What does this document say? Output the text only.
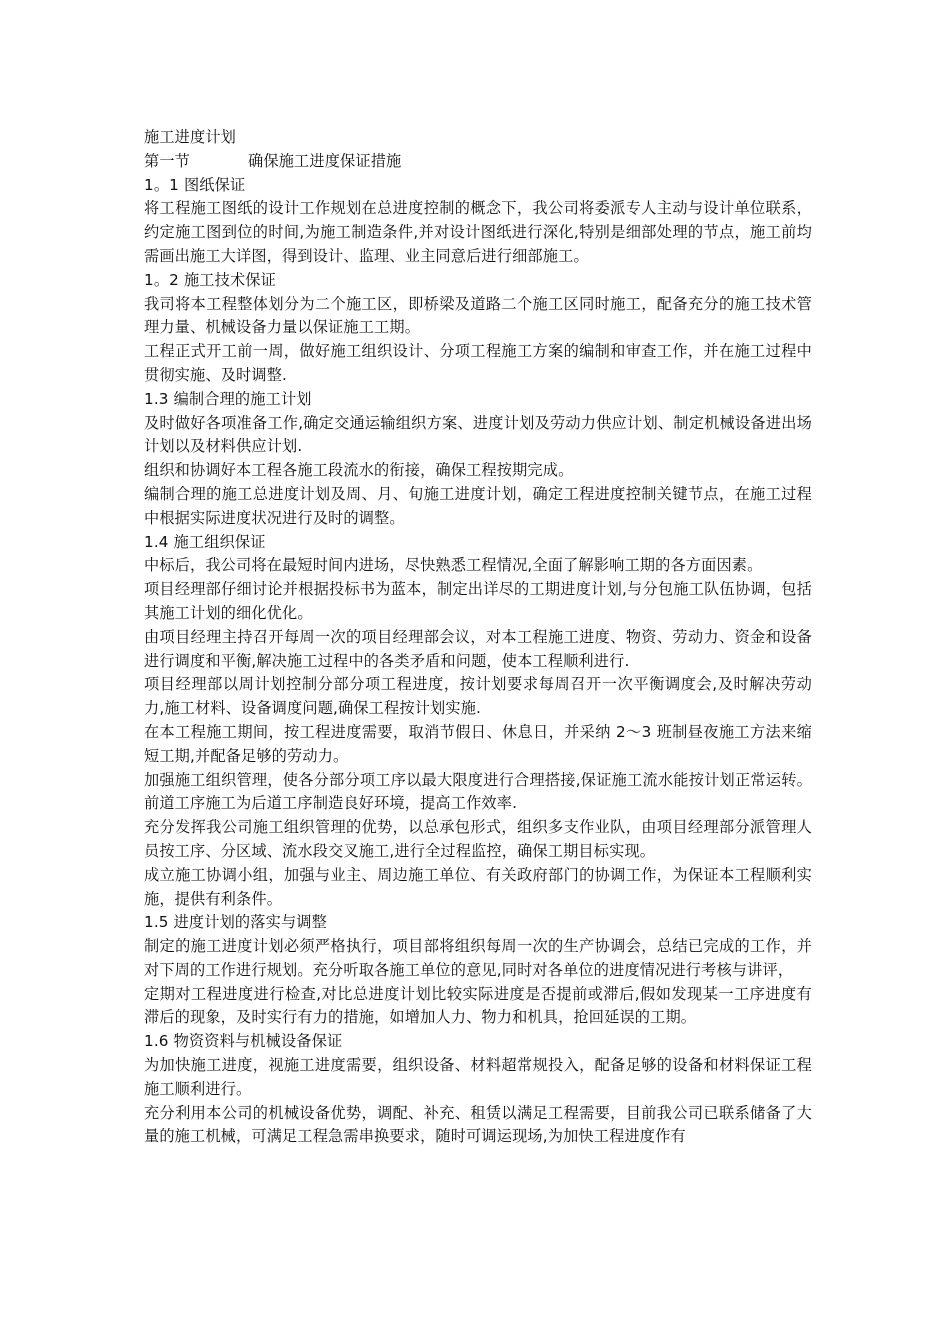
施工进度计划
第一节	确保施工进度保证措施
1。1 图纸保证
将工程施工图纸的设计工作规划在总进度控制的概念下，我公司将委派专人主动与设计单位联系，约定施工图到位的时间,为施工制造条件,并对设计图纸进行深化,特别是细部处理的节点，施工前均需画出施工大详图，得到设计、监理、业主同意后进行细部施工。
1。2 施工技术保证
我司将本工程整体划分为二个施工区，即桥梁及道路二个施工区同时施工，配备充分的施工技术管理力量、机械设备力量以保证施工工期。
工程正式开工前一周，做好施工组织设计、分项工程施工方案的编制和审查工作，并在施工过程中贯彻实施、及时调整.
1.3 编制合理的施工计划
及时做好各项准备工作,确定交通运输组织方案、进度计划及劳动力供应计划、制定机械设备进出场计划以及材料供应计划.
组织和协调好本工程各施工段流水的衔接，确保工程按期完成。
编制合理的施工总进度计划及周、月、旬施工进度计划，确定工程进度控制关键节点，在施工过程中根据实际进度状况进行及时的调整。
1.4 施工组织保证
中标后，我公司将在最短时间内进场，尽快熟悉工程情况,全面了解影响工期的各方面因素。
项目经理部仔细讨论并根据投标书为蓝本，制定出详尽的工期进度计划,与分包施工队伍协调，包括其施工计划的细化优化。
由项目经理主持召开每周一次的项目经理部会议，对本工程施工进度、物资、劳动力、资金和设备进行调度和平衡,解决施工过程中的各类矛盾和问题，使本工程顺利进行.
项目经理部以周计划控制分部分项工程进度，按计划要求每周召开一次平衡调度会,及时解决劳动力,施工材料、设备调度问题,确保工程按计划实施.
在本工程施工期间，按工程进度需要，取消节假日、休息日，并采纳 2～3 班制昼夜施工方法来缩短工期,并配备足够的劳动力。
加强施工组织管理，使各分部分项工序以最大限度进行合理搭接,保证施工流水能按计划正常运转。前道工序施工为后道工序制造良好环境，提高工作效率.
充分发挥我公司施工组织管理的优势，以总承包形式，组织多支作业队，由项目经理部分派管理人员按工序、分区域、流水段交叉施工,进行全过程监控，确保工期目标实现。
成立施工协调小组，加强与业主、周边施工单位、有关政府部门的协调工作，为保证本工程顺利实施，提供有利条件。
1.5 进度计划的落实与调整
制定的施工进度计划必须严格执行，项目部将组织每周一次的生产协调会，总结已完成的工作，并对下周的工作进行规划。充分听取各施工单位的意见,同时对各单位的进度情况进行考核与讲评，
定期对工程进度进行检查,对比总进度计划比较实际进度是否提前或滞后,假如发现某一工序进度有滞后的现象，及时实行有力的措施，如增加人力、物力和机具，抢回延误的工期。
1.6 物资资料与机械设备保证
为加快施工进度，视施工进度需要，组织设备、材料超常规投入，配备足够的设备和材料保证工程施工顺利进行。
充分利用本公司的机械设备优势，调配、补充、租赁以满足工程需要，目前我公司已联系储备了大量的施工机械，可满足工程急需串换要求，随时可调运现场,为加快工程进度作有
